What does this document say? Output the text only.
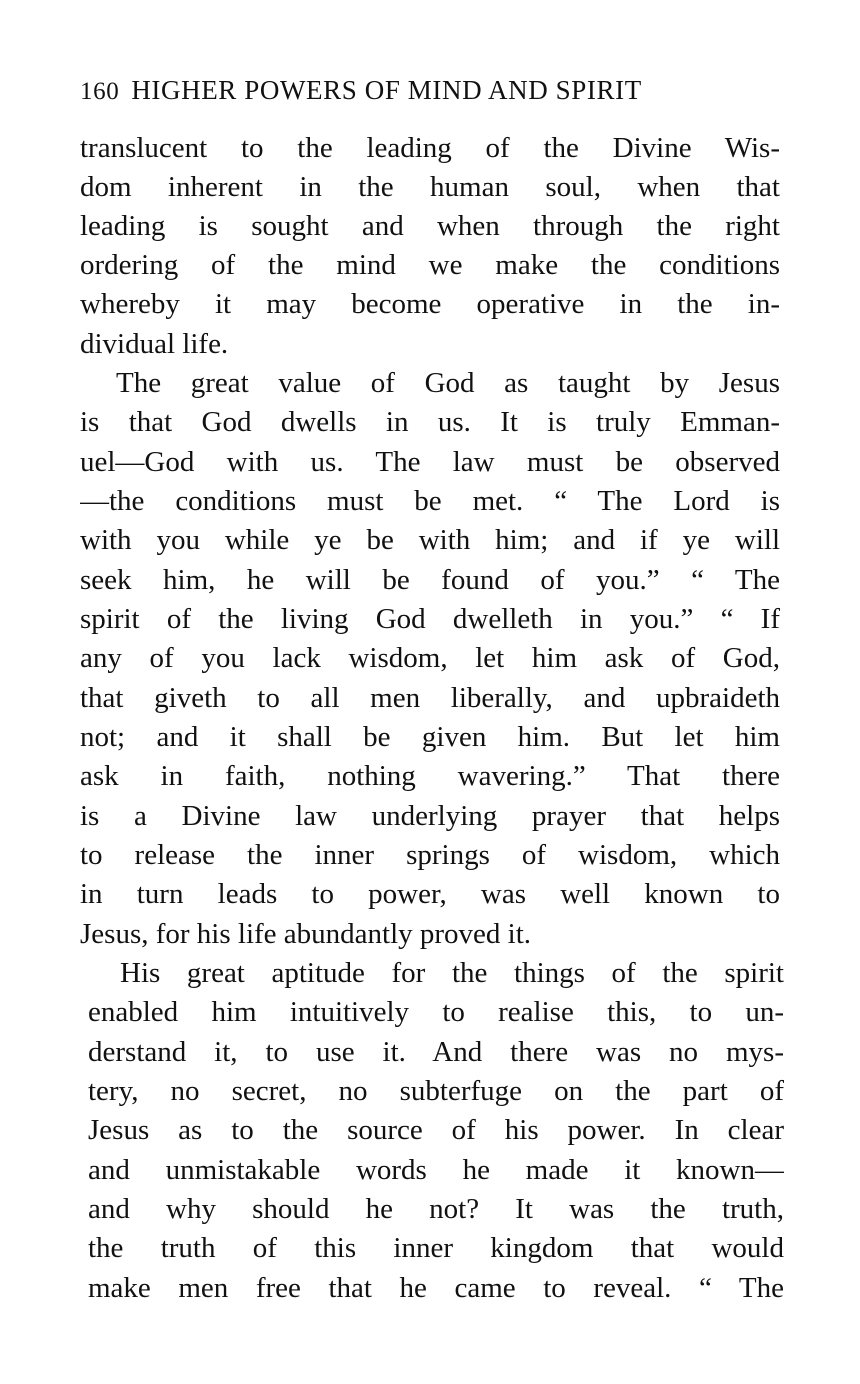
160 HIGHER POWERS OF MIND AND SPIRIT
translucent to the leading of the Divine Wis-
dom inherent in the human soul, when that
leading is sought and when through the right
ordering of the mind we make the conditions
whereby it may become operative in the in-
dividual life.
The great value of God as taught by Jesus
is that God dwells in us. It is truly Emman-
uel—God with us. The law must be observed
—the conditions must be met. “ The Lord is
with you while ye be with him; and if ye will
seek him, he will be found of you.” “ The
spirit of the living God dwelleth in you.” “ If
any of you lack wisdom, let him ask of God,
that giveth to all men liberally, and upbraideth
not; and it shall be given him. But let him
ask in faith, nothing wavering.” That there
is a Divine law underlying prayer that helps
to release the inner springs of wisdom, which
in turn leads to power, was well known to
Jesus, for his life abundantly proved it.
His great aptitude for the things of the spirit
enabled him intuitively to realise this, to un-
derstand it, to use it. And there was no mys-
tery, no secret, no subterfuge on the part of
Jesus as to the source of his power. In clear
and unmistakable words he made it known—
and why should he not? It was the truth,
the truth of this inner kingdom that would
make men free that he came to reveal. “ The
